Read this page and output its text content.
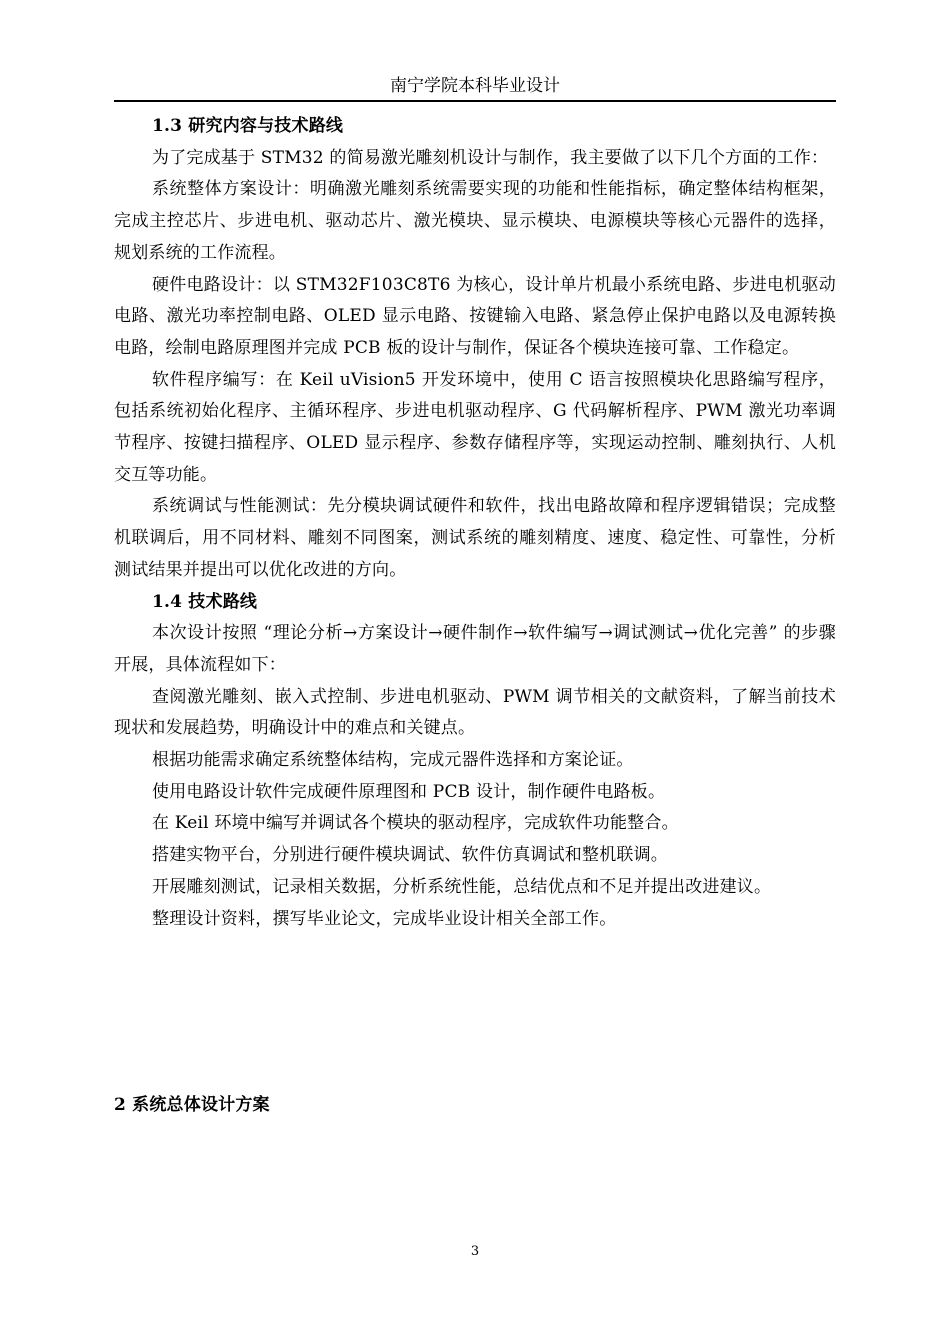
南宁学院本科毕业设计

1.3 研究内容与技术路线

为了完成基于 STM32 的简易激光雕刻机设计与制作，我主要做了以下几个方面的工作：

系统整体方案设计：明确激光雕刻系统需要实现的功能和性能指标，确定整体结构框架，完成主控芯片、步进电机、驱动芯片、激光模块、显示模块、电源模块等核心元器件的选择，规划系统的工作流程。

硬件电路设计：以 STM32F103C8T6 为核心，设计单片机最小系统电路、步进电机驱动电路、激光功率控制电路、OLED 显示电路、按键输入电路、紧急停止保护电路以及电源转换电路，绘制电路原理图并完成 PCB 板的设计与制作，保证各个模块连接可靠、工作稳定。

软件程序编写：在 Keil uVision5 开发环境中，使用 C 语言按照模块化思路编写程序，包括系统初始化程序、主循环程序、步进电机驱动程序、G 代码解析程序、PWM 激光功率调节程序、按键扫描程序、OLED 显示程序、参数存储程序等，实现运动控制、雕刻执行、人机交互等功能。

系统调试与性能测试：先分模块调试硬件和软件，找出电路故障和程序逻辑错误；完成整机联调后，用不同材料、雕刻不同图案，测试系统的雕刻精度、速度、稳定性、可靠性，分析测试结果并提出可以优化改进的方向。

1.4 技术路线

本次设计按照 “理论分析→方案设计→硬件制作→软件编写→调试测试→优化完善” 的步骤开展，具体流程如下：

查阅激光雕刻、嵌入式控制、步进电机驱动、PWM 调节相关的文献资料，了解当前技术现状和发展趋势，明确设计中的难点和关键点。

根据功能需求确定系统整体结构，完成元器件选择和方案论证。

使用电路设计软件完成硬件原理图和 PCB 设计，制作硬件电路板。

在 Keil 环境中编写并调试各个模块的驱动程序，完成软件功能整合。

搭建实物平台，分别进行硬件模块调试、软件仿真调试和整机联调。

开展雕刻测试，记录相关数据，分析系统性能，总结优点和不足并提出改进建议。

整理设计资料，撰写毕业论文，完成毕业设计相关全部工作。

2 系统总体设计方案

3
